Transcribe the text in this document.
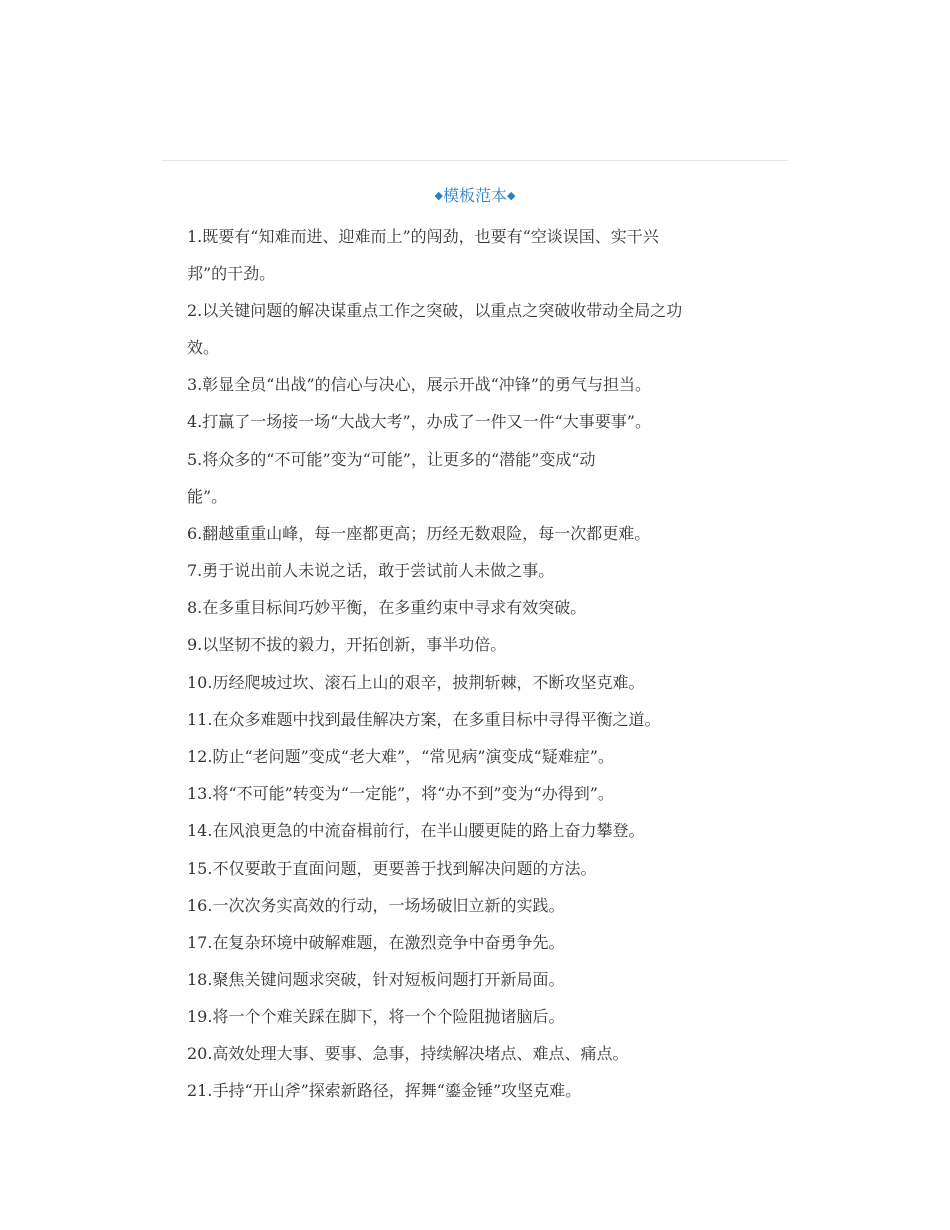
◆模板范本◆

1.既要有“知难而进、迎难而上”的闯劲，也要有“空谈误国、实干兴

邦”的干劲。

2.以关键问题的解决谋重点工作之突破，以重点之突破收带动全局之功

效。

3.彰显全员“出战”的信心与决心，展示开战“冲锋”的勇气与担当。

4.打赢了一场接一场“大战大考”，办成了一件又一件“大事要事”。

5.将众多的“不可能”变为“可能”，让更多的“潜能”变成“动

能”。

6.翻越重重山峰，每一座都更高；历经无数艰险，每一次都更难。

7.勇于说出前人未说之话，敢于尝试前人未做之事。

8.在多重目标间巧妙平衡，在多重约束中寻求有效突破。

9.以坚韧不拔的毅力，开拓创新，事半功倍。

10.历经爬坡过坎、滚石上山的艰辛，披荆斩棘，不断攻坚克难。

11.在众多难题中找到最佳解决方案，在多重目标中寻得平衡之道。

12.防止“老问题”变成“老大难”，“常见病”演变成“疑难症”。

13.将“不可能”转变为“一定能”，将“办不到”变为“办得到”。

14.在风浪更急的中流奋楫前行，在半山腰更陡的路上奋力攀登。

15.不仅要敢于直面问题，更要善于找到解决问题的方法。

16.一次次务实高效的行动，一场场破旧立新的实践。

17.在复杂环境中破解难题，在激烈竞争中奋勇争先。

18.聚焦关键问题求突破，针对短板问题打开新局面。

19.将一个个难关踩在脚下，将一个个险阻抛诸脑后。

20.高效处理大事、要事、急事，持续解决堵点、难点、痛点。

21.手持“开山斧”探索新路径，挥舞“鎏金锤”攻坚克难。
